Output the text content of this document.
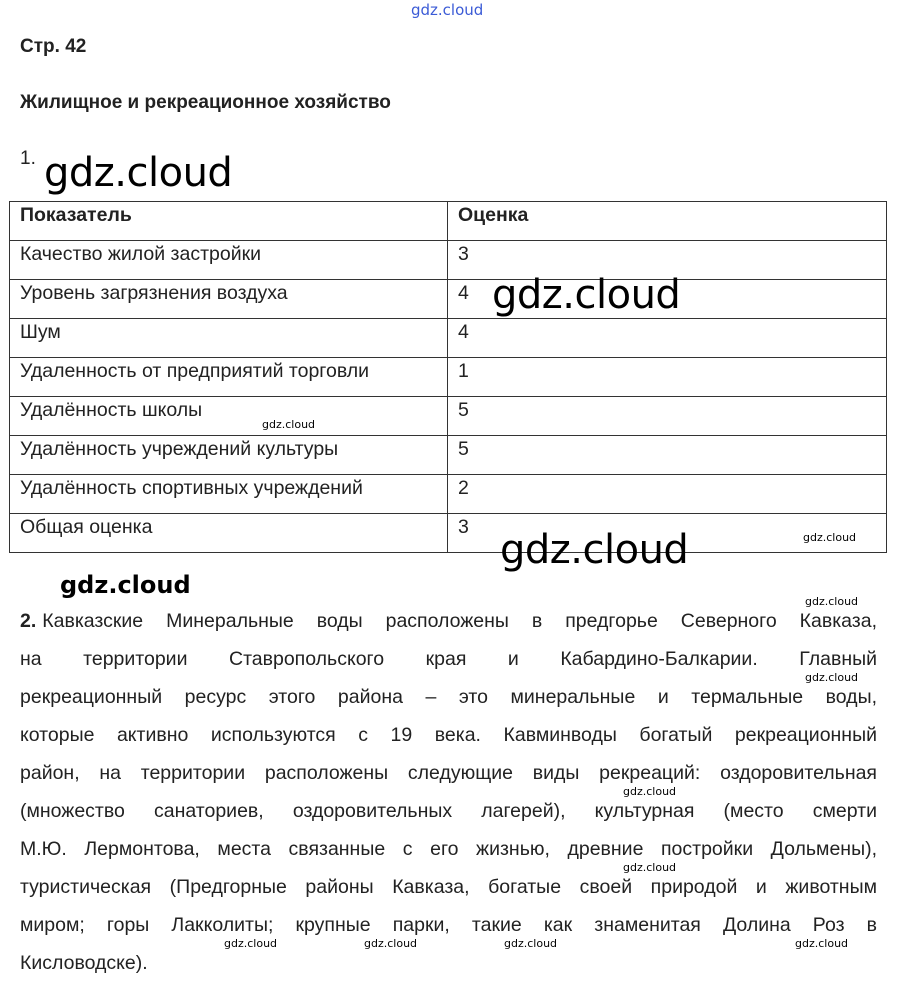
gdz.cloud
Стр. 42
Жилищное и рекреационное хозяйство
1.
Показатель	Оценка
Качество жилой застройки	3
Уровень загрязнения воздуха	4
Шум	4
Удаленность от предприятий торговли	1
Удалённость школы	5
Удалённость учреждений культуры	5
Удалённость спортивных учреждений	2
Общая оценка	3
2. Кавказские Минеральные воды расположены в предгорье Северного Кавказа,
на территории Ставропольского края и Кабардино-Балкарии. Главный
рекреационный ресурс этого района – это минеральные и термальные воды,
которые активно используются с 19 века. Кавминводы богатый рекреационный
район, на территории расположены следующие виды рекреаций: оздоровительная
(множество санаториев, оздоровительных лагерей), культурная (место смерти
М.Ю. Лермонтова, места связанные с его жизнью, древние постройки Дольмены),
туристическая (Предгорные районы Кавказа, богатые своей природой и животным
миром; горы Лакколиты; крупные парки, такие как знаменитая Долина Роз в
Кисловодске).
gdz.cloud
gdz.cloud
gdz.cloud
gdz.cloud
gdz.cloud
gdz.cloud
gdz.cloud
gdz.cloud
gdz.cloud
gdz.cloud
gdz.cloud	gdz.cloud	gdz.cloud	gdz.cloud
